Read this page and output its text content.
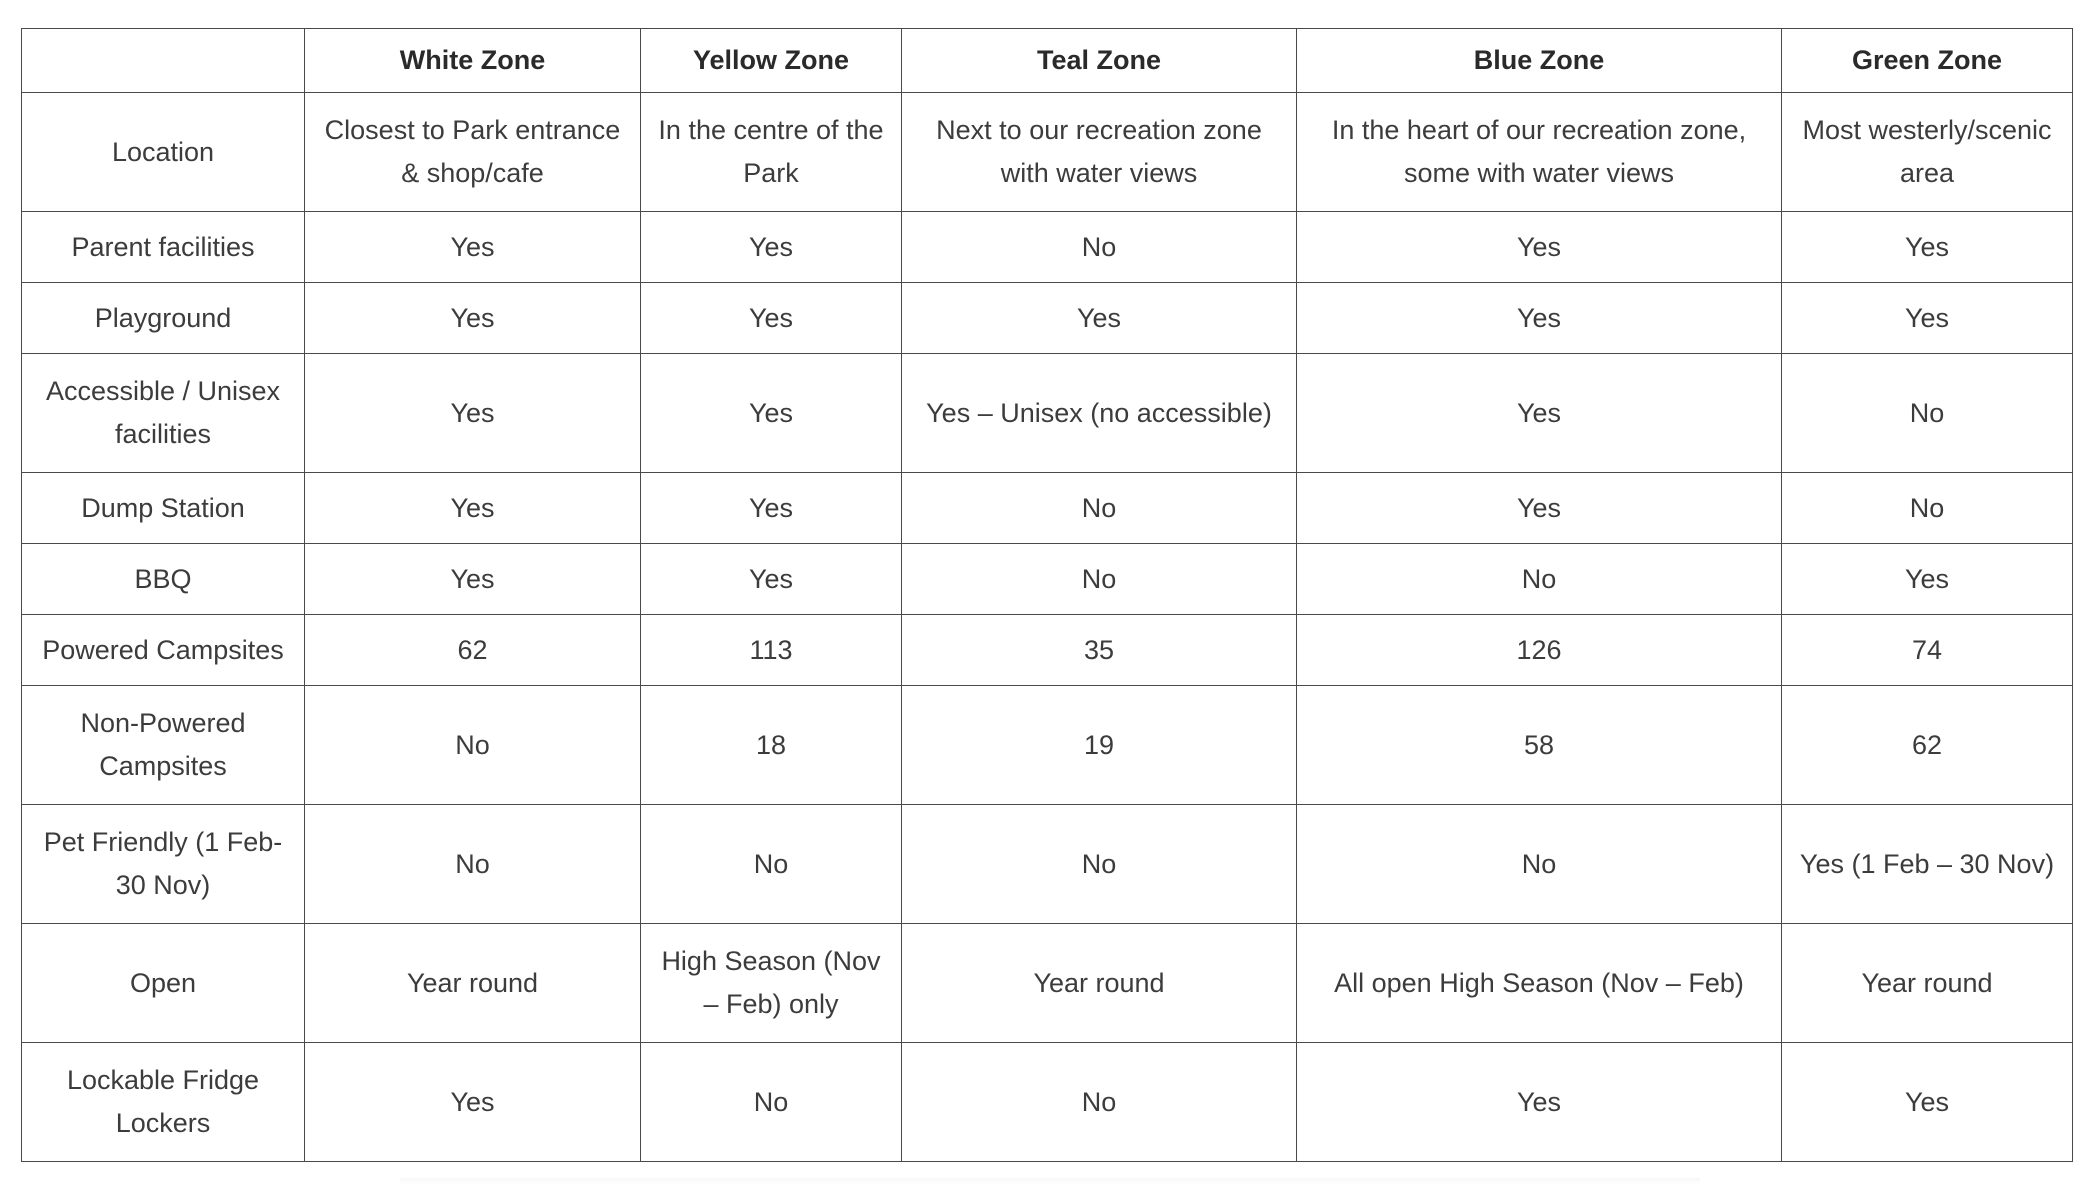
	White Zone	Yellow Zone	Teal Zone	Blue Zone	Green Zone
Location	Closest to Park entrance & shop/cafe	In the centre of the Park	Next to our recreation zone with water views	In the heart of our recreation zone, some with water views	Most westerly/scenic area
Parent facilities	Yes	Yes	No	Yes	Yes
Playground	Yes	Yes	Yes	Yes	Yes
Accessible / Unisex facilities	Yes	Yes	Yes – Unisex (no accessible)	Yes	No
Dump Station	Yes	Yes	No	Yes	No
BBQ	Yes	Yes	No	No	Yes
Powered Campsites	62	113	35	126	74
Non-Powered Campsites	No	18	19	58	62
Pet Friendly (1 Feb-30 Nov)	No	No	No	No	Yes (1 Feb – 30 Nov)
Open	Year round	High Season (Nov – Feb) only	Year round	All open High Season (Nov – Feb)	Year round
Lockable Fridge Lockers	Yes	No	No	Yes	Yes
